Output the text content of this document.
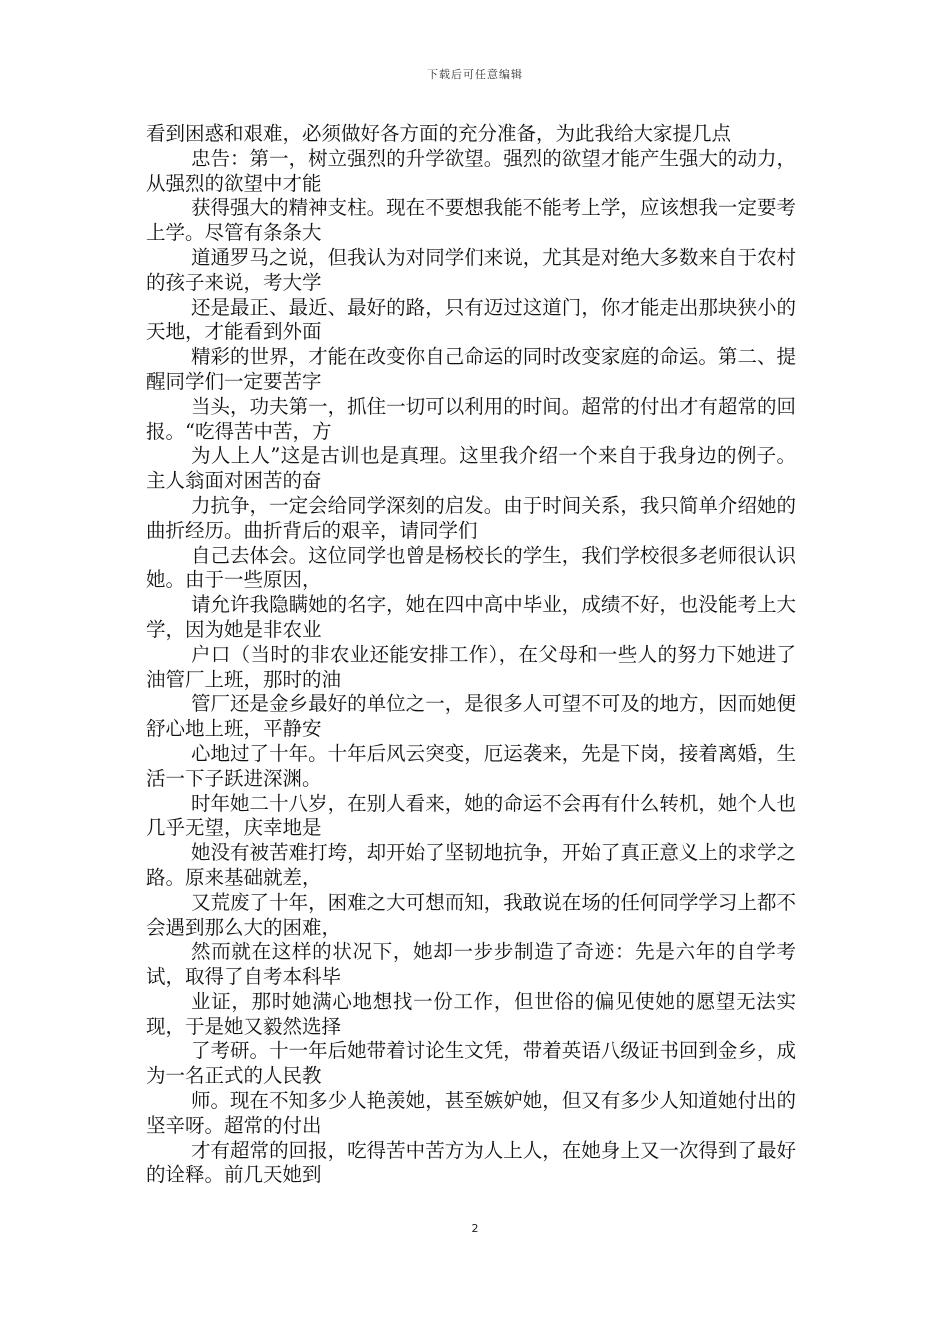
下载后可任意编辑

看到困惑和艰难，必须做好各方面的充分准备，为此我给大家提几点

忠告：第一，树立强烈的升学欲望。强烈的欲望才能产生强大的动力，从强烈的欲望中才能

获得强大的精神支柱。现在不要想我能不能考上学，应该想我一定要考上学。尽管有条条大

道通罗马之说，但我认为对同学们来说，尤其是对绝大多数来自于农村的孩子来说，考大学

还是最正、最近、最好的路，只有迈过这道门，你才能走出那块狭小的天地，才能看到外面

精彩的世界，才能在改变你自己命运的同时改变家庭的命运。第二、提醒同学们一定要苦字

当头，功夫第一，抓住一切可以利用的时间。超常的付出才有超常的回报。“吃得苦中苦，方

为人上人”这是古训也是真理。这里我介绍一个来自于我身边的例子。主人翁面对困苦的奋

力抗争，一定会给同学深刻的启发。由于时间关系，我只简单介绍她的曲折经历。曲折背后的艰辛，请同学们

自己去体会。这位同学也曾是杨校长的学生，我们学校很多老师很认识她。由于一些原因，

请允许我隐瞒她的名字，她在四中高中毕业，成绩不好，也没能考上大学，因为她是非农业

户口（当时的非农业还能安排工作），在父母和一些人的努力下她进了油管厂上班，那时的油

管厂还是金乡最好的单位之一，是很多人可望不可及的地方，因而她便舒心地上班，平静安

心地过了十年。十年后风云突变，厄运袭来，先是下岗，接着离婚，生活一下子跃进深渊。

时年她二十八岁，在别人看来，她的命运不会再有什么转机，她个人也几乎无望，庆幸地是

她没有被苦难打垮，却开始了坚韧地抗争，开始了真正意义上的求学之路。原来基础就差，

又荒废了十年，困难之大可想而知，我敢说在场的任何同学学习上都不会遇到那么大的困难，

然而就在这样的状况下，她却一步步制造了奇迹：先是六年的自学考试，取得了自考本科毕

业证，那时她满心地想找一份工作，但世俗的偏见使她的愿望无法实现，于是她又毅然选择

了考研。十一年后她带着讨论生文凭，带着英语八级证书回到金乡，成为一名正式的人民教

师。现在不知多少人艳羡她，甚至嫉妒她，但又有多少人知道她付出的坚辛呀。超常的付出

才有超常的回报，吃得苦中苦方为人上人，在她身上又一次得到了最好的诠释。前几天她到

2
